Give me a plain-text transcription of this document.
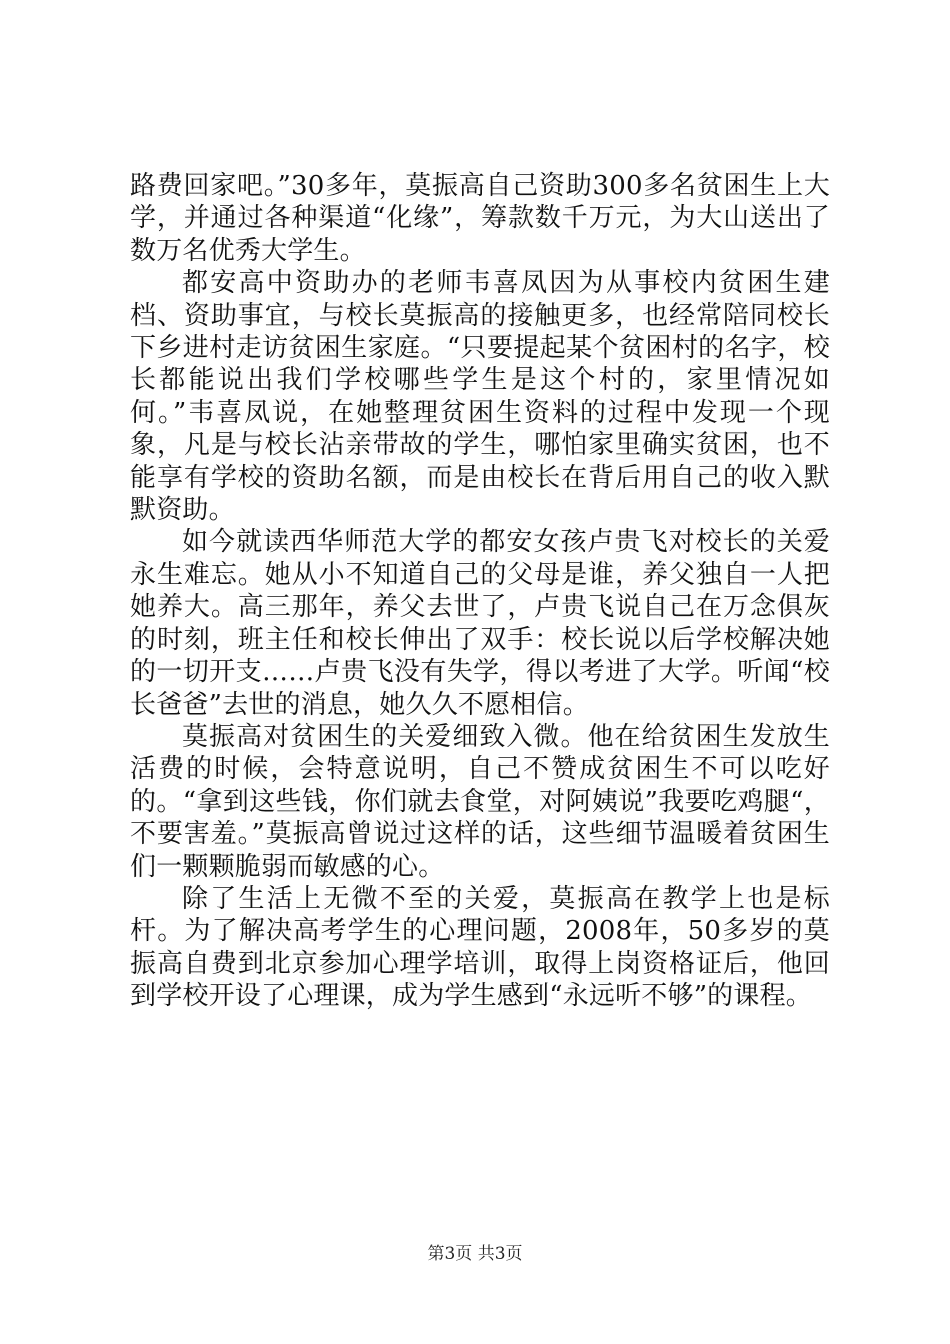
路费回家吧。”30多年，莫振高自己资助300多名贫困生上大学，并通过各种渠道“化缘”，筹款数千万元，为大山送出了数万名优秀大学生。

都安高中资助办的老师韦喜凤因为从事校内贫困生建档、资助事宜，与校长莫振高的接触更多，也经常陪同校长下乡进村走访贫困生家庭。“只要提起某个贫困村的名字，校长都能说出我们学校哪些学生是这个村的，家里情况如何。”韦喜凤说，在她整理贫困生资料的过程中发现一个现象，凡是与校长沾亲带故的学生，哪怕家里确实贫困，也不能享有学校的资助名额，而是由校长在背后用自己的收入默默资助。

如今就读西华师范大学的都安女孩卢贵飞对校长的关爱永生难忘。她从小不知道自己的父母是谁，养父独自一人把她养大。高三那年，养父去世了，卢贵飞说自己在万念俱灰的时刻，班主任和校长伸出了双手：校长说以后学校解决她的一切开支……卢贵飞没有失学，得以考进了大学。听闻“校长爸爸”去世的消息，她久久不愿相信。

莫振高对贫困生的关爱细致入微。他在给贫困生发放生活费的时候，会特意说明，自己不赞成贫困生不可以吃好的。“拿到这些钱，你们就去食堂，对阿姨说”我要吃鸡腿“，不要害羞。”莫振高曾说过这样的话，这些细节温暖着贫困生们一颗颗脆弱而敏感的心。

除了生活上无微不至的关爱，莫振高在教学上也是标杆。为了解决高考学生的心理问题，2008年，50多岁的莫振高自费到北京参加心理学培训，取得上岗资格证后，他回到学校开设了心理课，成为学生感到“永远听不够”的课程。

第3页 共3页
